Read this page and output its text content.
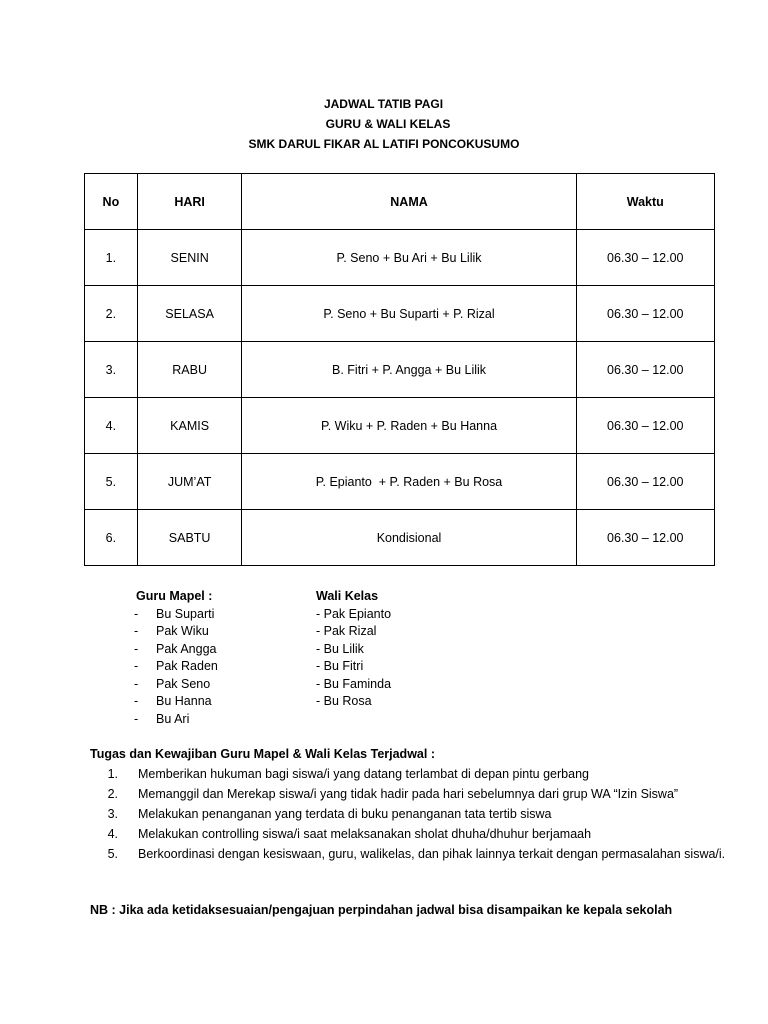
JADWAL TATIB PAGI
GURU & WALI KELAS
SMK DARUL FIKAR AL LATIFI PONCOKUSUMO
No	HARI	NAMA	Waktu
1.	SENIN	P. Seno + Bu Ari + Bu Lilik	06.30 – 12.00
2.	SELASA	P. Seno + Bu Suparti + P. Rizal	06.30 – 12.00
3.	RABU	B. Fitri + P. Angga + Bu Lilik	06.30 – 12.00
4.	KAMIS	P. Wiku + P. Raden + Bu Hanna	06.30 – 12.00
5.	JUM’AT	P. Epianto  + P. Raden + Bu Rosa	06.30 – 12.00
6.	SABTU	Kondisional	06.30 – 12.00
Guru Mapel :
-	Bu Suparti
-	Pak Wiku
-	Pak Angga
-	Pak Raden
-	Pak Seno
-	Bu Hanna
-	Bu Ari
Wali Kelas
- Pak Epianto
- Pak Rizal
- Bu Lilik
- Bu Fitri
- Bu Faminda
- Bu Rosa
Tugas dan Kewajiban Guru Mapel & Wali Kelas Terjadwal :
1.	Memberikan hukuman bagi siswa/i yang datang terlambat di depan pintu gerbang
2.	Memanggil dan Merekap siswa/i yang tidak hadir pada hari sebelumnya dari grup WA “Izin Siswa”
3.	Melakukan penanganan yang terdata di buku penanganan tata tertib siswa
4.	Melakukan controlling siswa/i saat melaksanakan sholat dhuha/dhuhur berjamaah
5.	Berkoordinasi dengan kesiswaan, guru, walikelas, dan pihak lainnya terkait dengan permasalahan siswa/i.
NB : Jika ada ketidaksesuaian/pengajuan perpindahan jadwal bisa disampaikan ke kepala sekolah
